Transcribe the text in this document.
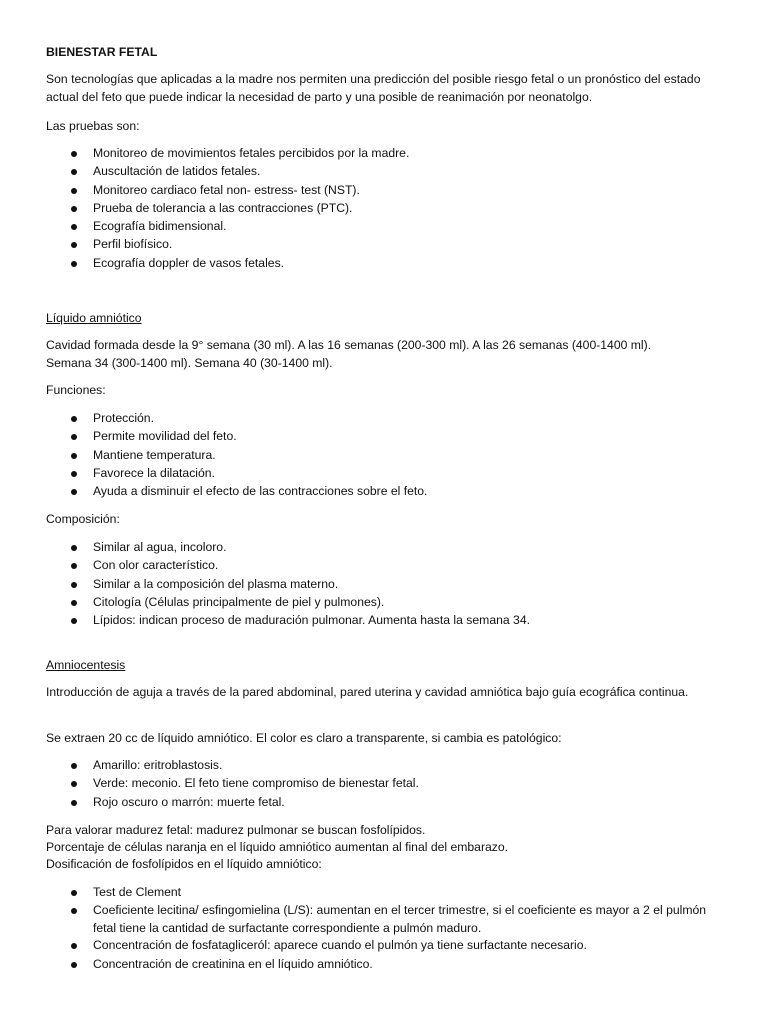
BIENESTAR FETAL

Son tecnologías que aplicadas a la madre nos permiten una predicción del posible riesgo fetal o un pronóstico del estado actual del feto que puede indicar la necesidad de parto y una posible de reanimación por neonatolgo.

Las pruebas son:

Monitoreo de movimientos fetales percibidos por la madre.
Auscultación de latidos fetales.
Monitoreo cardiaco fetal non- estress- test (NST).
Prueba de tolerancia a las contracciones (PTC).
Ecografía bidimensional.
Perfil biofísico.
Ecografía doppler de vasos fetales.

Líquido amniótico

Cavidad formada desde la 9° semana (30 ml). A las 16 semanas (200-300 ml). A las 26 semanas (400-1400 ml).

Semana 34 (300-1400 ml). Semana 40 (30-1400 ml).

Funciones:

Protección.
Permite movilidad del feto.
Mantiene temperatura.
Favorece la dilatación.
Ayuda a disminuir el efecto de las contracciones sobre el feto.

Composición:

Similar al agua, incoloro.
Con olor característico.
Similar a la composición del plasma materno.
Citología (Células principalmente de piel y pulmones).
Lípidos: indican proceso de maduración pulmonar. Aumenta hasta la semana 34.

Amniocentesis

Introducción de aguja a través de la pared abdominal, pared uterina y cavidad amniótica bajo guía ecográfica continua.

Se extraen 20 cc de líquido amniótico. El color es claro a transparente, si cambia es patológico:

Amarillo: eritroblastosis.
Verde: meconio. El feto tiene compromiso de bienestar fetal.
Rojo oscuro o marrón: muerte fetal.

Para valorar madurez fetal: madurez pulmonar se buscan fosfolípidos.

Porcentaje de células naranja en el líquido amniótico aumentan al final del embarazo.

Dosificación de fosfolípidos en el líquido amniótico:

Test de Clement
Coeficiente lecitina/ esfingomielina (L/S): aumentan en el tercer trimestre, si el coeficiente es mayor a 2 el pulmón fetal tiene la cantidad de surfactante correspondiente a pulmón maduro.
Concentración de fosfatagliceról: aparece cuando el pulmón ya tiene surfactante necesario.
Concentración de creatinina en el líquido amniótico.
